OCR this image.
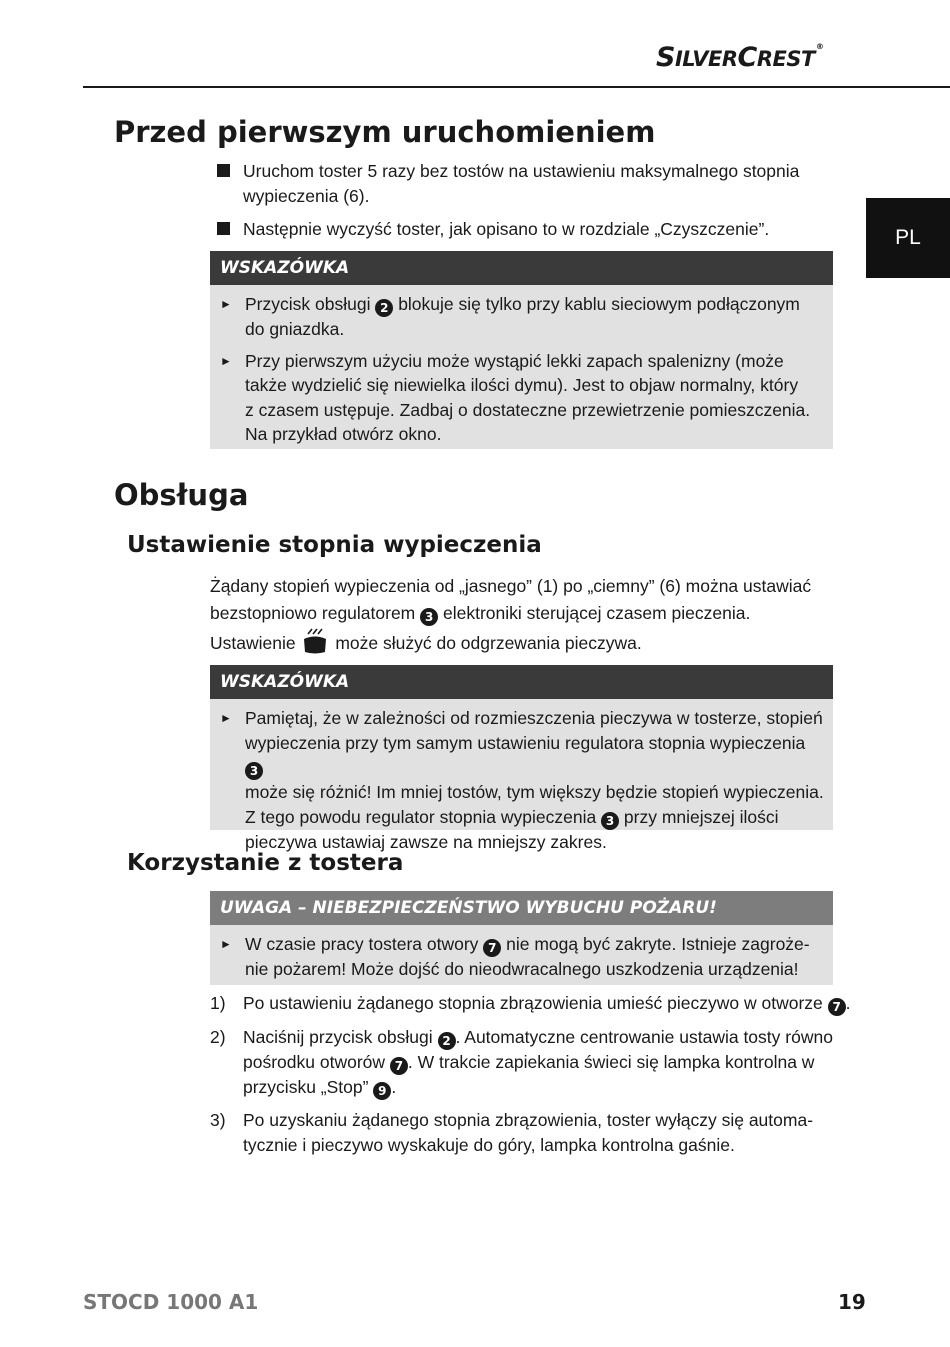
SILVERCREST®
PL
Przed pierwszym uruchomieniem

Uruchom toster 5 razy bez tostów na ustawieniu maksymalnego stopnia
wypieczenia (6).

Następnie wyczyść toster, jak opisano to w rozdziale „Czyszczenie”.

WSKAZÓWKA
► Przycisk obsługi 2 blokuje się tylko przy kablu sieciowym podłączonym
do gniazdka.
► Przy pierwszym użyciu może wystąpić lekki zapach spalenizny (może
także wydzielić się niewielka ilości dymu). Jest to objaw normalny, który
z czasem ustępuje. Zadbaj o dostateczne przewietrzenie pomieszczenia.
Na przykład otwórz okno.
Obsługa
Ustawienie stopnia wypieczenia

Żądany stopień wypieczenia od „jasnego” (1) po „ciemny” (6) można ustawiać
bezstopniowo regulatorem 3 elektroniki sterującej czasem pieczenia.
Ustawienie  może służyć do odgrzewania pieczywa.

WSKAZÓWKA
► Pamiętaj, że w zależności od rozmieszczenia pieczywa w tosterze, stopień
wypieczenia przy tym samym ustawieniu regulatora stopnia wypieczenia 3
może się różnić! Im mniej tostów, tym większy będzie stopień wypieczenia.
Z tego powodu regulator stopnia wypieczenia 3 przy mniejszej ilości
pieczywa ustawiaj zawsze na mniejszy zakres.
Korzystanie z tostera
UWAGA – NIEBEZPIECZEŃSTWO WYBUCHU POŻARU!
► W czasie pracy tostera otwory 7 nie mogą być zakryte. Istnieje zagroże-
nie pożarem! Może dojść do nieodwracalnego uszkodzenia urządzenia!
1) Po ustawieniu żądanego stopnia zbrązowienia umieść pieczywo w otworze 7 .

2) Naciśnij przycisk obsługi 2 . Automatyczne centrowanie ustawia tosty równo
pośrodku otworów 7 . W trakcie zapiekania świeci się lampka kontrolna w
przycisku „Stop” 9 .

3) Po uzyskaniu żądanego stopnia zbrązowienia, toster wyłączy się automa-
tycznie i pieczywo wyskakuje do góry, lampka kontrolna gaśnie.

STOCD 1000 A1	19
